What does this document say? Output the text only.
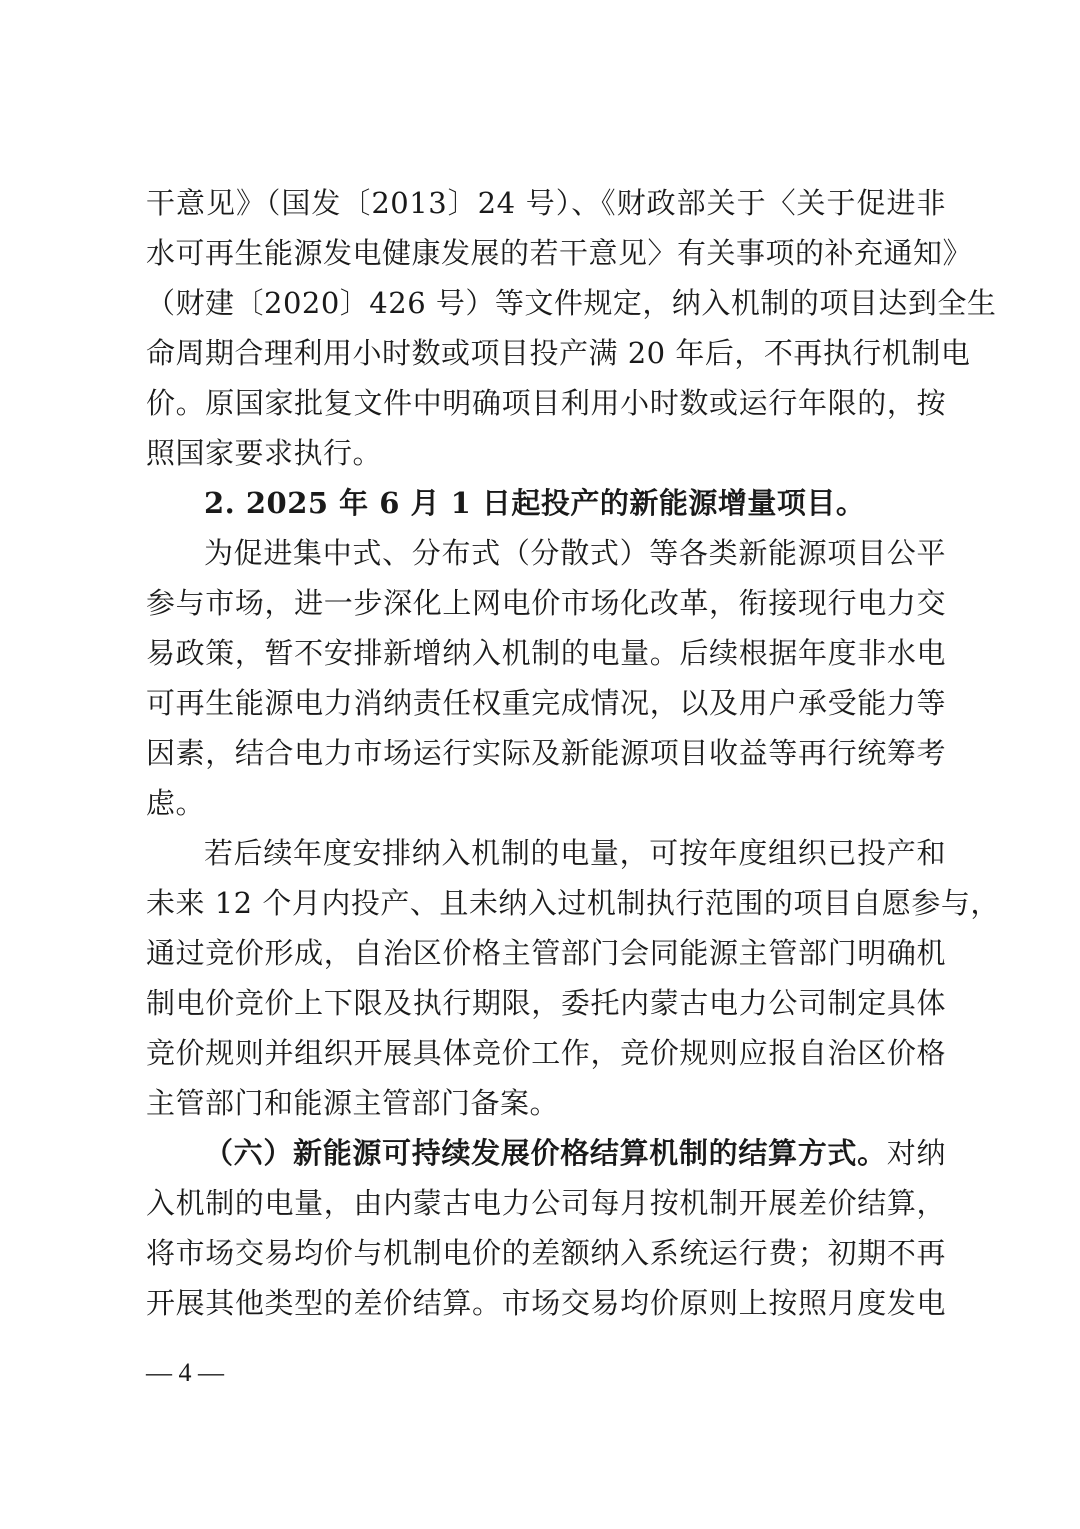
干意见》（国发〔2013〕24 号）、《财政部关于〈关于促进非
水可再生能源发电健康发展的若干意见〉有关事项的补充通知》
（财建〔2020〕426 号）等文件规定，纳入机制的项目达到全生
命周期合理利用小时数或项目投产满 20 年后，不再执行机制电
价。原国家批复文件中明确项目利用小时数或运行年限的，按
照国家要求执行。
2. 2025 年 6 月 1 日起投产的新能源增量项目。
为促进集中式、分布式（分散式）等各类新能源项目公平
参与市场，进一步深化上网电价市场化改革，衔接现行电力交
易政策，暂不安排新增纳入机制的电量。后续根据年度非水电
可再生能源电力消纳责任权重完成情况，以及用户承受能力等
因素，结合电力市场运行实际及新能源项目收益等再行统筹考
虑。
若后续年度安排纳入机制的电量，可按年度组织已投产和
未来 12 个月内投产、且未纳入过机制执行范围的项目自愿参与，
通过竞价形成，自治区价格主管部门会同能源主管部门明确机
制电价竞价上下限及执行期限，委托内蒙古电力公司制定具体
竞价规则并组织开展具体竞价工作，竞价规则应报自治区价格
主管部门和能源主管部门备案。
（六）新能源可持续发展价格结算机制的结算方式。对纳
入机制的电量，由内蒙古电力公司每月按机制开展差价结算，
将市场交易均价与机制电价的差额纳入系统运行费；初期不再
开展其他类型的差价结算。市场交易均价原则上按照月度发电
— 4 —
